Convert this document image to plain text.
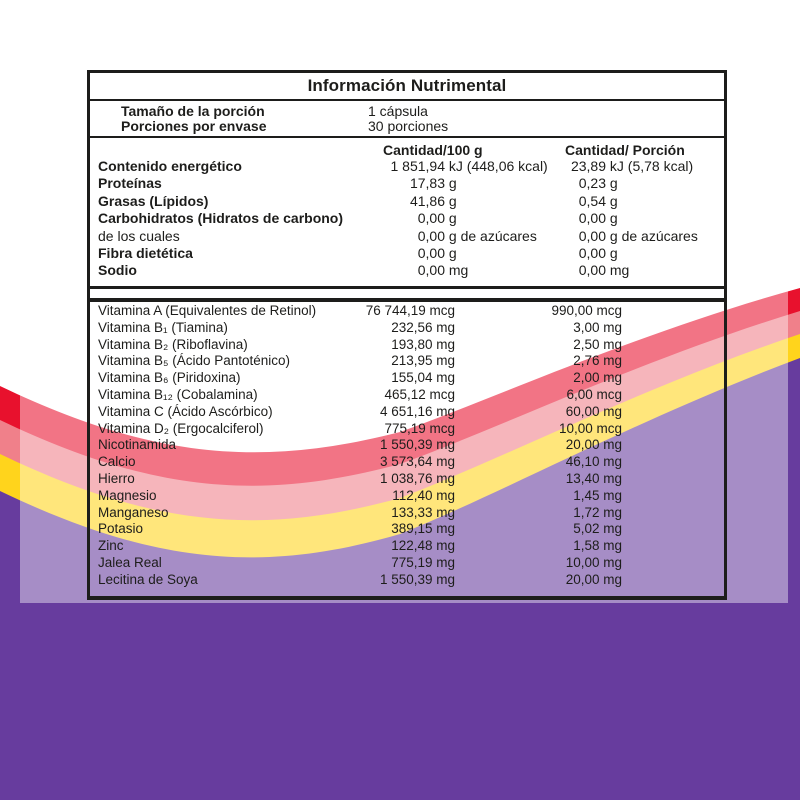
Información Nutrimental
Tamaño de la porción	1 cápsula
Porciones por envase	30 porciones
Cantidad/100 g	Cantidad/ Porción
Contenido energético	1 851,94 kJ (448,06 kcal)	23,89 kJ (5,78 kcal)
Proteínas	17,83 g	0,23 g
Grasas (Lípidos)	41,86 g	0,54 g
Carbohidratos (Hidratos de carbono)	0,00 g	0,00 g
de los cuales	0,00 g de azúcares	0,00 g de azúcares
Fibra dietética	0,00 g	0,00 g
Sodio	0,00 mg	0,00 mg
Vitamina A (Equivalentes de Retinol)	76 744,19 mcg	990,00 mcg
Vitamina B₁ (Tiamina)	232,56 mg	3,00 mg
Vitamina B₂ (Riboflavina)	193,80 mg	2,50 mg
Vitamina B₅ (Ácido Pantoténico)	213,95 mg	2,76 mg
Vitamina B₆ (Piridoxina)	155,04 mg	2,00 mg
Vitamina B₁₂ (Cobalamina)	465,12 mcg	6,00 mcg
Vitamina C (Ácido Ascórbico)	4 651,16 mg	60,00 mg
Vitamina D₂ (Ergocalciferol)	775,19 mcg	10,00 mcg
Nicotinamida	1 550,39 mg	20,00 mg
Calcio	3 573,64 mg	46,10 mg
Hierro	1 038,76 mg	13,40 mg
Magnesio	112,40 mg	1,45 mg
Manganeso	133,33 mg	1,72 mg
Potasio	389,15 mg	5,02 mg
Zinc	122,48 mg	1,58 mg
Jalea Real	775,19 mg	10,00 mg
Lecitina de Soya	1 550,39 mg	20,00 mg
